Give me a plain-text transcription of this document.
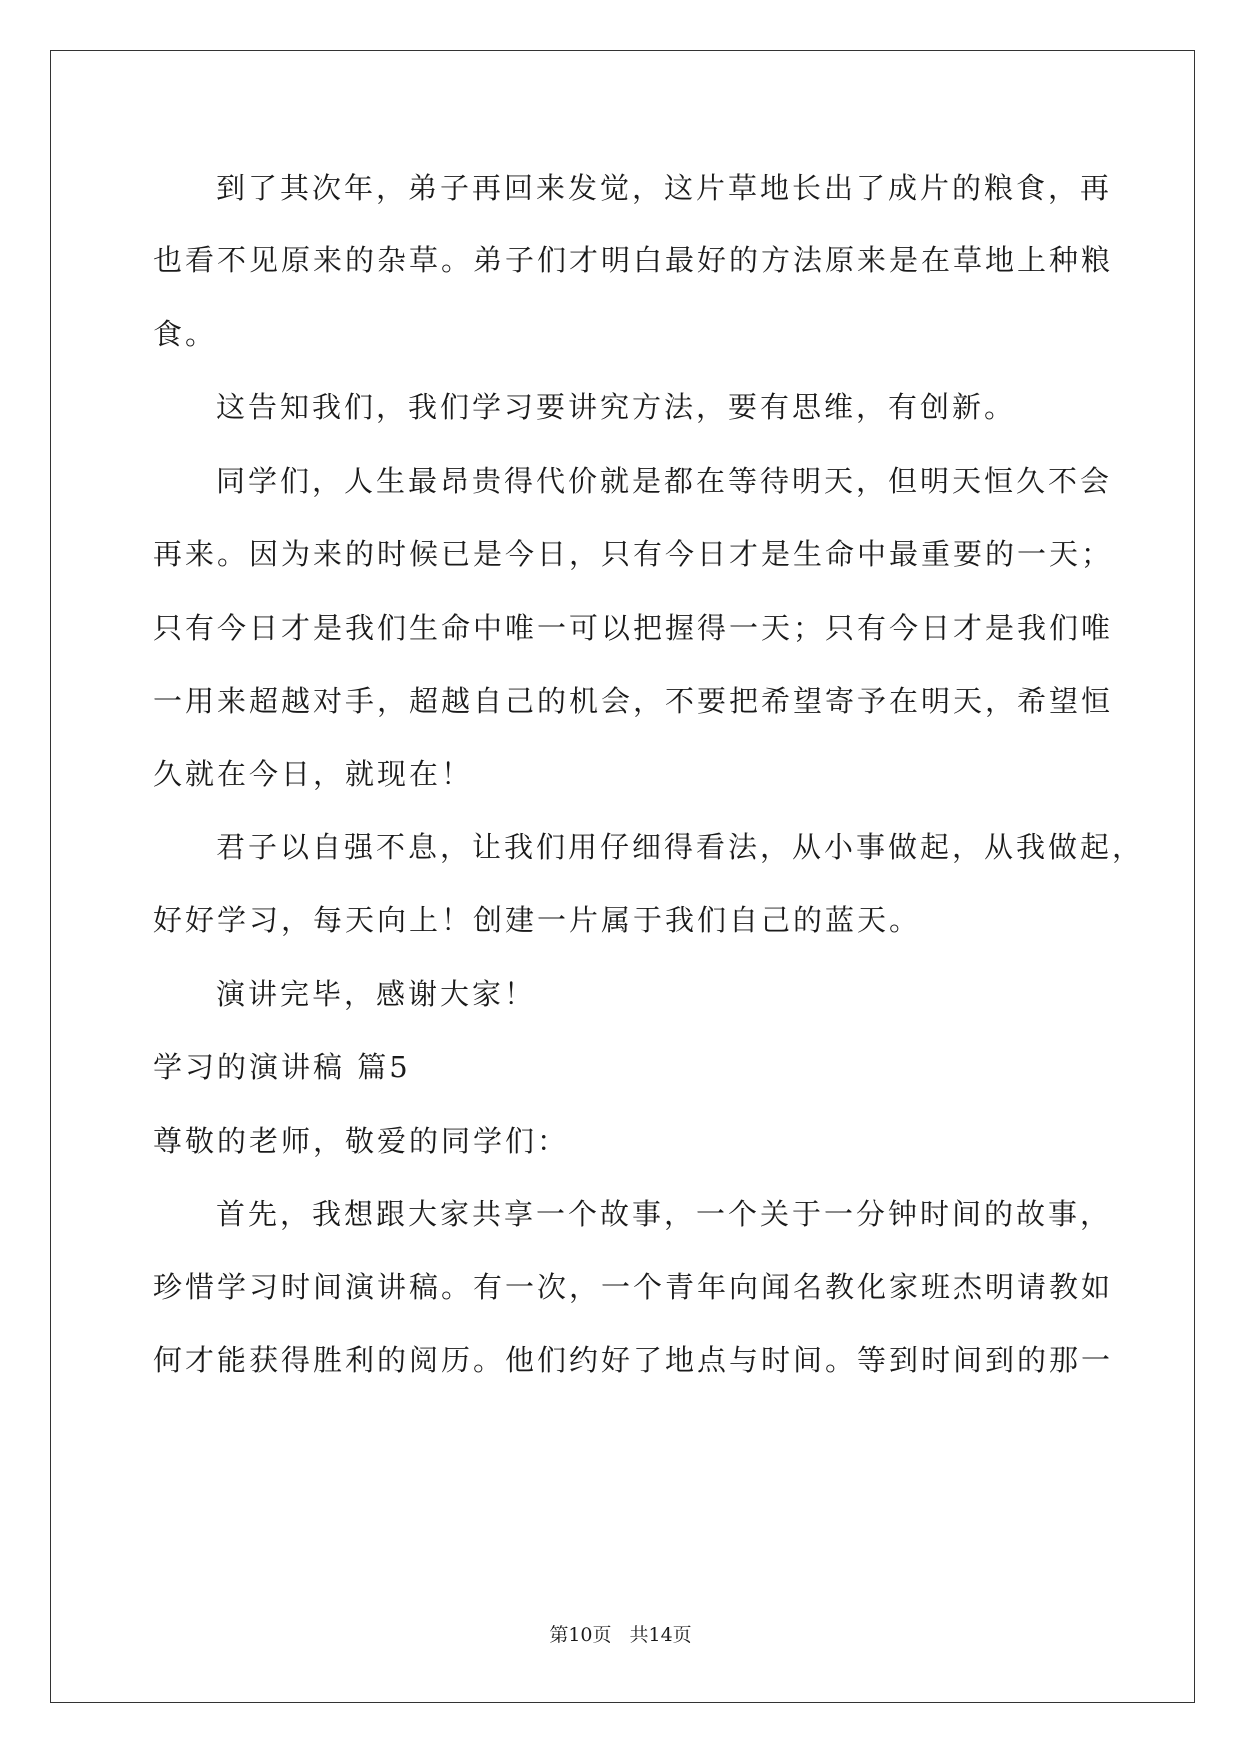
到了其次年，弟子再回来发觉，这片草地长出了成片的粮食，再
也看不见原来的杂草。弟子们才明白最好的方法原来是在草地上种粮
食。
这告知我们，我们学习要讲究方法，要有思维，有创新。
同学们，人生最昂贵得代价就是都在等待明天，但明天恒久不会
再来。因为来的时候已是今日，只有今日才是生命中最重要的一天；
只有今日才是我们生命中唯一可以把握得一天；只有今日才是我们唯
一用来超越对手，超越自己的机会，不要把希望寄予在明天，希望恒
久就在今日，就现在！
君子以自强不息，让我们用仔细得看法，从小事做起，从我做起，
好好学习，每天向上！创建一片属于我们自己的蓝天。
演讲完毕，感谢大家！
学习的演讲稿 篇5
尊敬的老师，敬爱的同学们：
首先，我想跟大家共享一个故事，一个关于一分钟时间的故事，
珍惜学习时间演讲稿。有一次，一个青年向闻名教化家班杰明请教如
何才能获得胜利的阅历。他们约好了地点与时间。等到时间到的那一
第10页 共14页
